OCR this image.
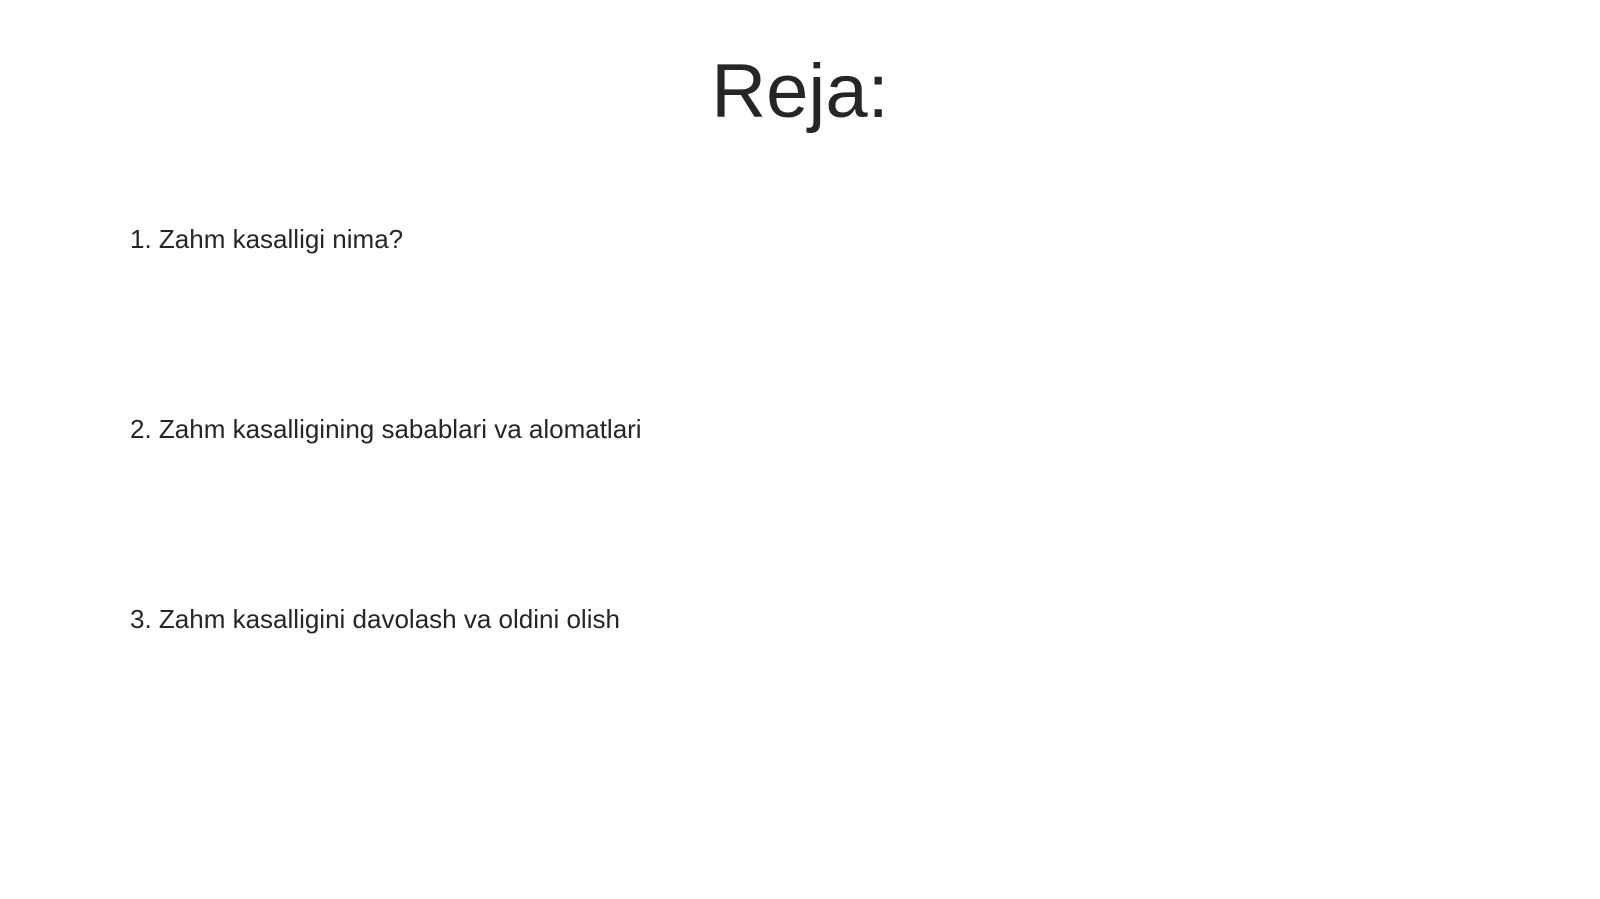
Reja:
1. Zahm kasalligi nima?
2. Zahm kasalligining sabablari va alomatlari
3. Zahm kasalligini davolash va oldini olish
